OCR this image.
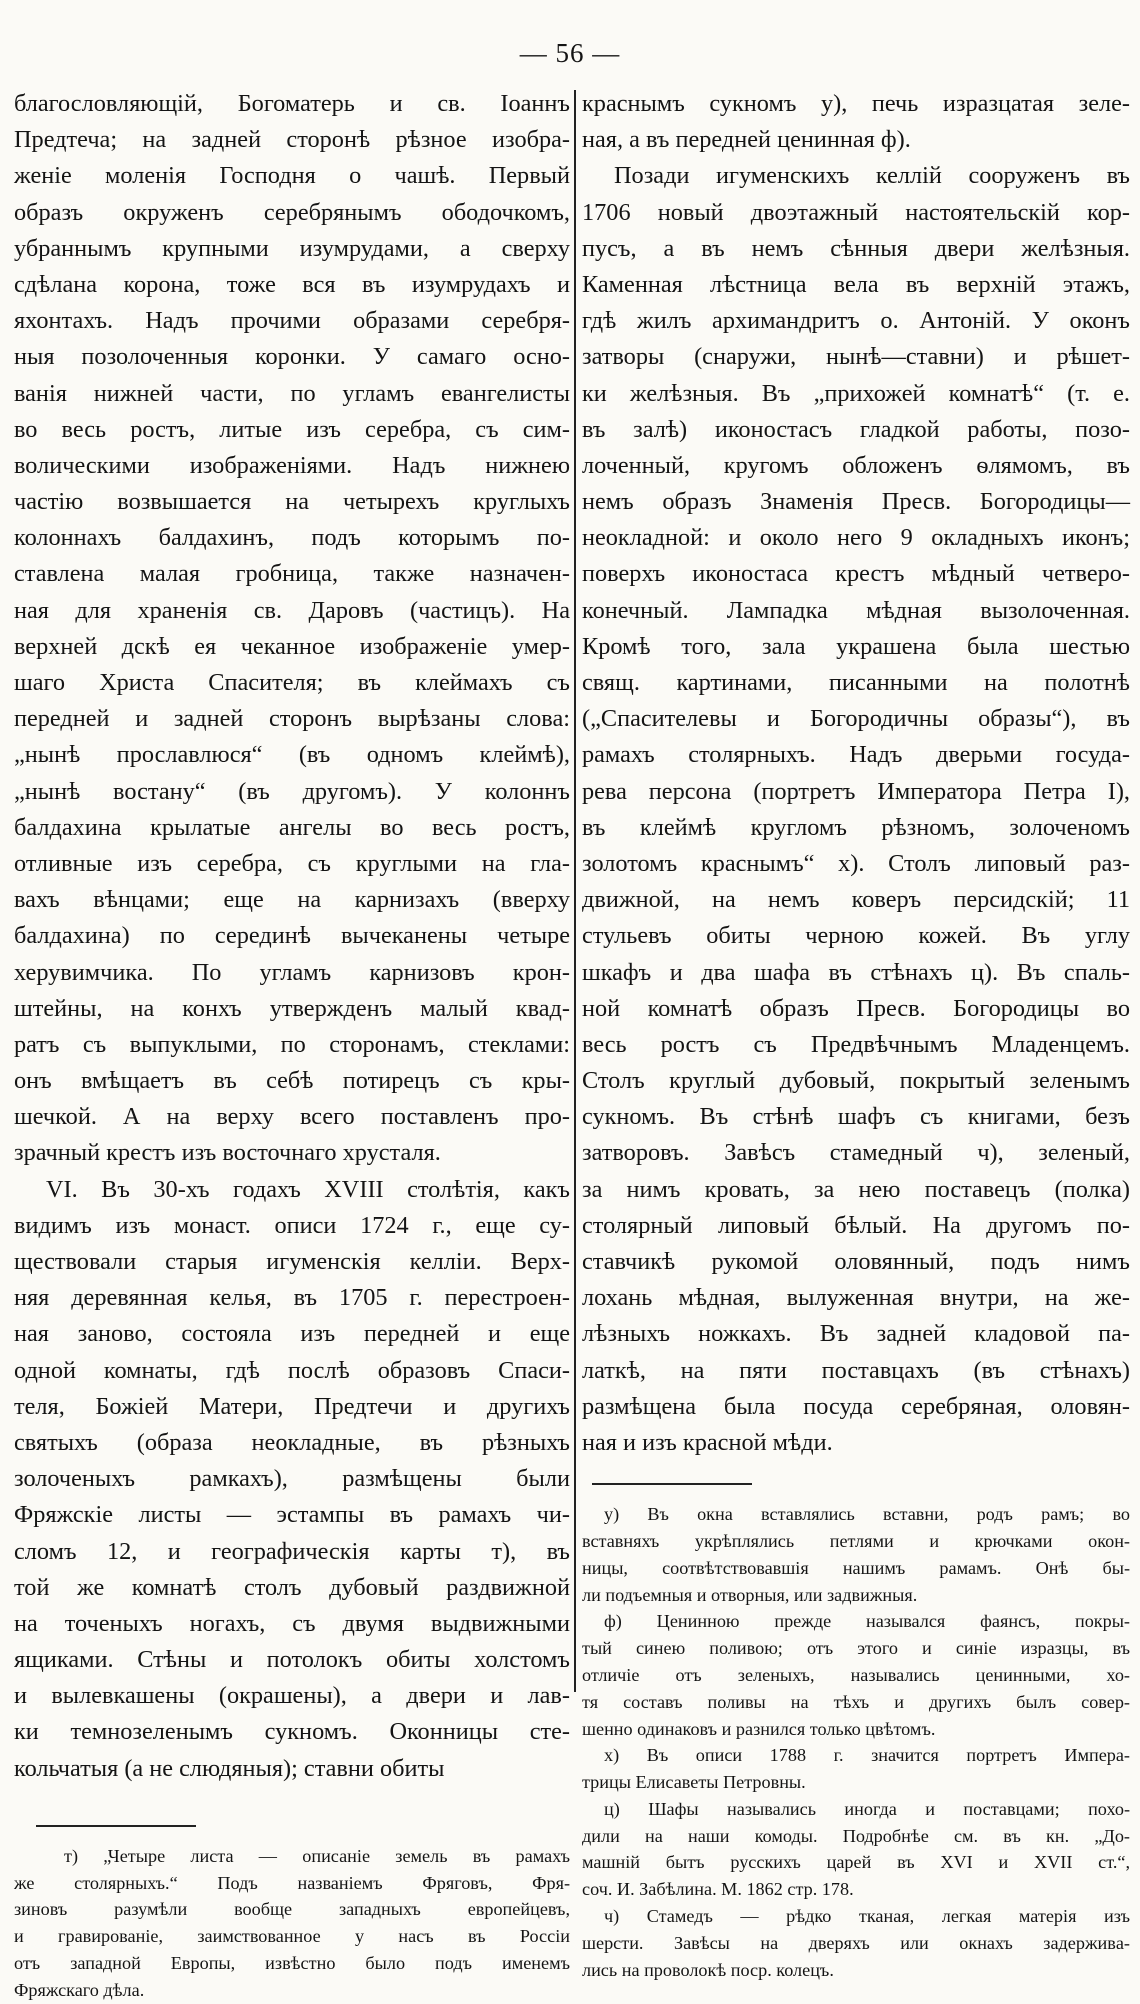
— 56 —
благословляющій, Богоматерь и св. Іоаннъ
Предтеча; на задней сторонѣ рѣзное изобра-
женіе моленія Господня о чашѣ. Первый
образъ окруженъ серебрянымъ ободочкомъ,
убраннымъ крупными изумрудами, а сверху
сдѣлана корона, тоже вся въ изумрудахъ и
яхонтахъ. Надъ прочими образами серебря-
ныя позолоченныя коронки. У самаго осно-
ванія нижней части, по угламъ евангелисты
во весь ростъ, литые изъ серебра, съ сим-
волическими изображеніями. Надъ нижнею
частію возвышается на четырехъ круглыхъ
колоннахъ балдахинъ, подъ которымъ по-
ставлена малая гробница, также назначен-
ная для храненія св. Даровъ (частицъ). На
верхней дскѣ ея чеканное изображеніе умер-
шаго Христа Спасителя; въ клеймахъ съ
передней и задней сторонъ вырѣзаны слова:
„нынѣ прославлюся“ (въ одномъ клеймѣ),
„нынѣ востану“ (въ другомъ). У колоннъ
балдахина крылатые ангелы во весь ростъ,
отливные изъ серебра, съ круглыми на гла-
вахъ вѣнцами; еще на карнизахъ (вверху
балдахина) по серединѣ вычеканены четыре
херувимчика. По угламъ карнизовъ крон-
штейны, на конхъ утвержденъ малый квад-
ратъ съ выпуклыми, по сторонамъ, стеклами:
онъ вмѣщаетъ въ себѣ потирецъ съ кры-
шечкой. А на верху всего поставленъ про-
зрачный крестъ изъ восточнаго хрусталя.
VI. Въ 30-хъ годахъ XVIII столѣтія, какъ
видимъ изъ монаст. описи 1724 г., еще су-
ществовали старыя игуменскія келліи. Верх-
няя деревянная келья, въ 1705 г. перестроен-
ная заново, состояла изъ передней и еще
одной комнаты, гдѣ послѣ образовъ Спаси-
теля, Божіей Матери, Предтечи и другихъ
святыхъ (образа неокладные, въ рѣзныхъ
золоченыхъ рамкахъ), размѣщены были
Фряжскіе листы — эстампы въ рамахъ чи-
сломъ 12, и географическія карты т), въ
той же комнатѣ столъ дубовый раздвижной
на точеныхъ ногахъ, съ двумя выдвижными
ящиками. Стѣны и потолокъ обиты холстомъ
и вылевкашены (окрашены), а двери и лав-
ки темнозеленымъ сукномъ. Оконницы сте-
кольчатыя (а не слюдяныя); ставни обиты
т) „Четыре листа — описаніе земель въ рамахъ
же столярныхъ.“ Подъ названіемъ Фряговъ, Фря-
зиновъ разумѣли вообще западныхъ европейцевъ,
и гравированіе, заимствованное у насъ въ Россіи
отъ западной Европы, извѣстно было подъ именемъ
Фряжскаго дѣла.
краснымъ сукномъ у), печь изразцатая зеле-
ная, а въ передней ценинная ф).
Позади игуменскихъ келлій сооруженъ въ
1706 новый двоэтажный настоятельскій кор-
пусъ, а въ немъ сѣнныя двери желѣзныя.
Каменная лѣстница вела въ верхній этажъ,
гдѣ жилъ архимандритъ о. Антоній. У оконъ
затворы (снаружи, нынѣ—ставни) и рѣшет-
ки желѣзныя. Въ „прихожей комнатѣ“ (т. е.
въ залѣ) иконостасъ гладкой работы, позо-
лоченный, кругомъ обложенъ ѳлямомъ, въ
немъ образъ Знаменія Пресв. Богородицы—
неокладной: и около него 9 окладныхъ иконъ;
поверхъ иконостаса крестъ мѣдный четверо-
конечный. Лампадка мѣдная вызолоченная.
Кромѣ того, зала украшена была шестью
свящ. картинами, писанными на полотнѣ
(„Спасителевы и Богородичны образы“), въ
рамахъ столярныхъ. Надъ дверьми госуда-
рева персона (портретъ Императора Петра I),
въ клеймѣ кругломъ рѣзномъ, золоченомъ
золотомъ краснымъ“ х). Столъ липовый раз-
движной, на немъ коверъ персидскій; 11
стульевъ обиты черною кожей. Въ углу
шкафъ и два шафа въ стѣнахъ ц). Въ спаль-
ной комнатѣ образъ Пресв. Богородицы во
весь ростъ съ Предвѣчнымъ Младенцемъ.
Столъ круглый дубовый, покрытый зеленымъ
сукномъ. Въ стѣнѣ шафъ съ книгами, безъ
затворовъ. Завѣсъ стамедный ч), зеленый,
за нимъ кровать, за нею поставецъ (полка)
столярный липовый бѣлый. На другомъ по-
ставчикѣ рукомой оловянный, подъ нимъ
лохань мѣдная, вылуженная внутри, на же-
лѣзныхъ ножкахъ. Въ задней кладовой па-
латкѣ, на пяти поставцахъ (въ стѣнахъ)
размѣщена была посуда серебряная, оловян-
ная и изъ красной мѣди.
у) Въ окна вставлялись вставни, родъ рамъ; во
вставняхъ укрѣплялись петлями и крючками окон-
ницы, соотвѣтствовавшія нашимъ рамамъ. Онѣ бы-
ли подъемныя и отворныя, или задвижныя.
ф) Ценинною прежде назывался фаянсъ, покры-
тый синею поливою; отъ этого и синіе изразцы, въ
отличіе отъ зеленыхъ, назывались ценинными, хо-
тя составъ поливы на тѣхъ и другихъ былъ совер-
шенно одинаковъ и разнился только цвѣтомъ.
х) Въ описи 1788 г. значится портретъ Импера-
трицы Елисаветы Петровны.
ц) Шафы назывались иногда и поставцами; похо-
дили на наши комоды. Подробнѣе см. въ кн. „До-
машній бытъ русскихъ царей въ XVI и XVII ст.“,
соч. И. Забѣлина. М. 1862 стр. 178.
ч) Стамедъ — рѣдко тканая, легкая матерія изъ
шерсти. Завѣсы на дверяхъ или окнахъ задерживa-
лись на проволокѣ поср. колецъ.
